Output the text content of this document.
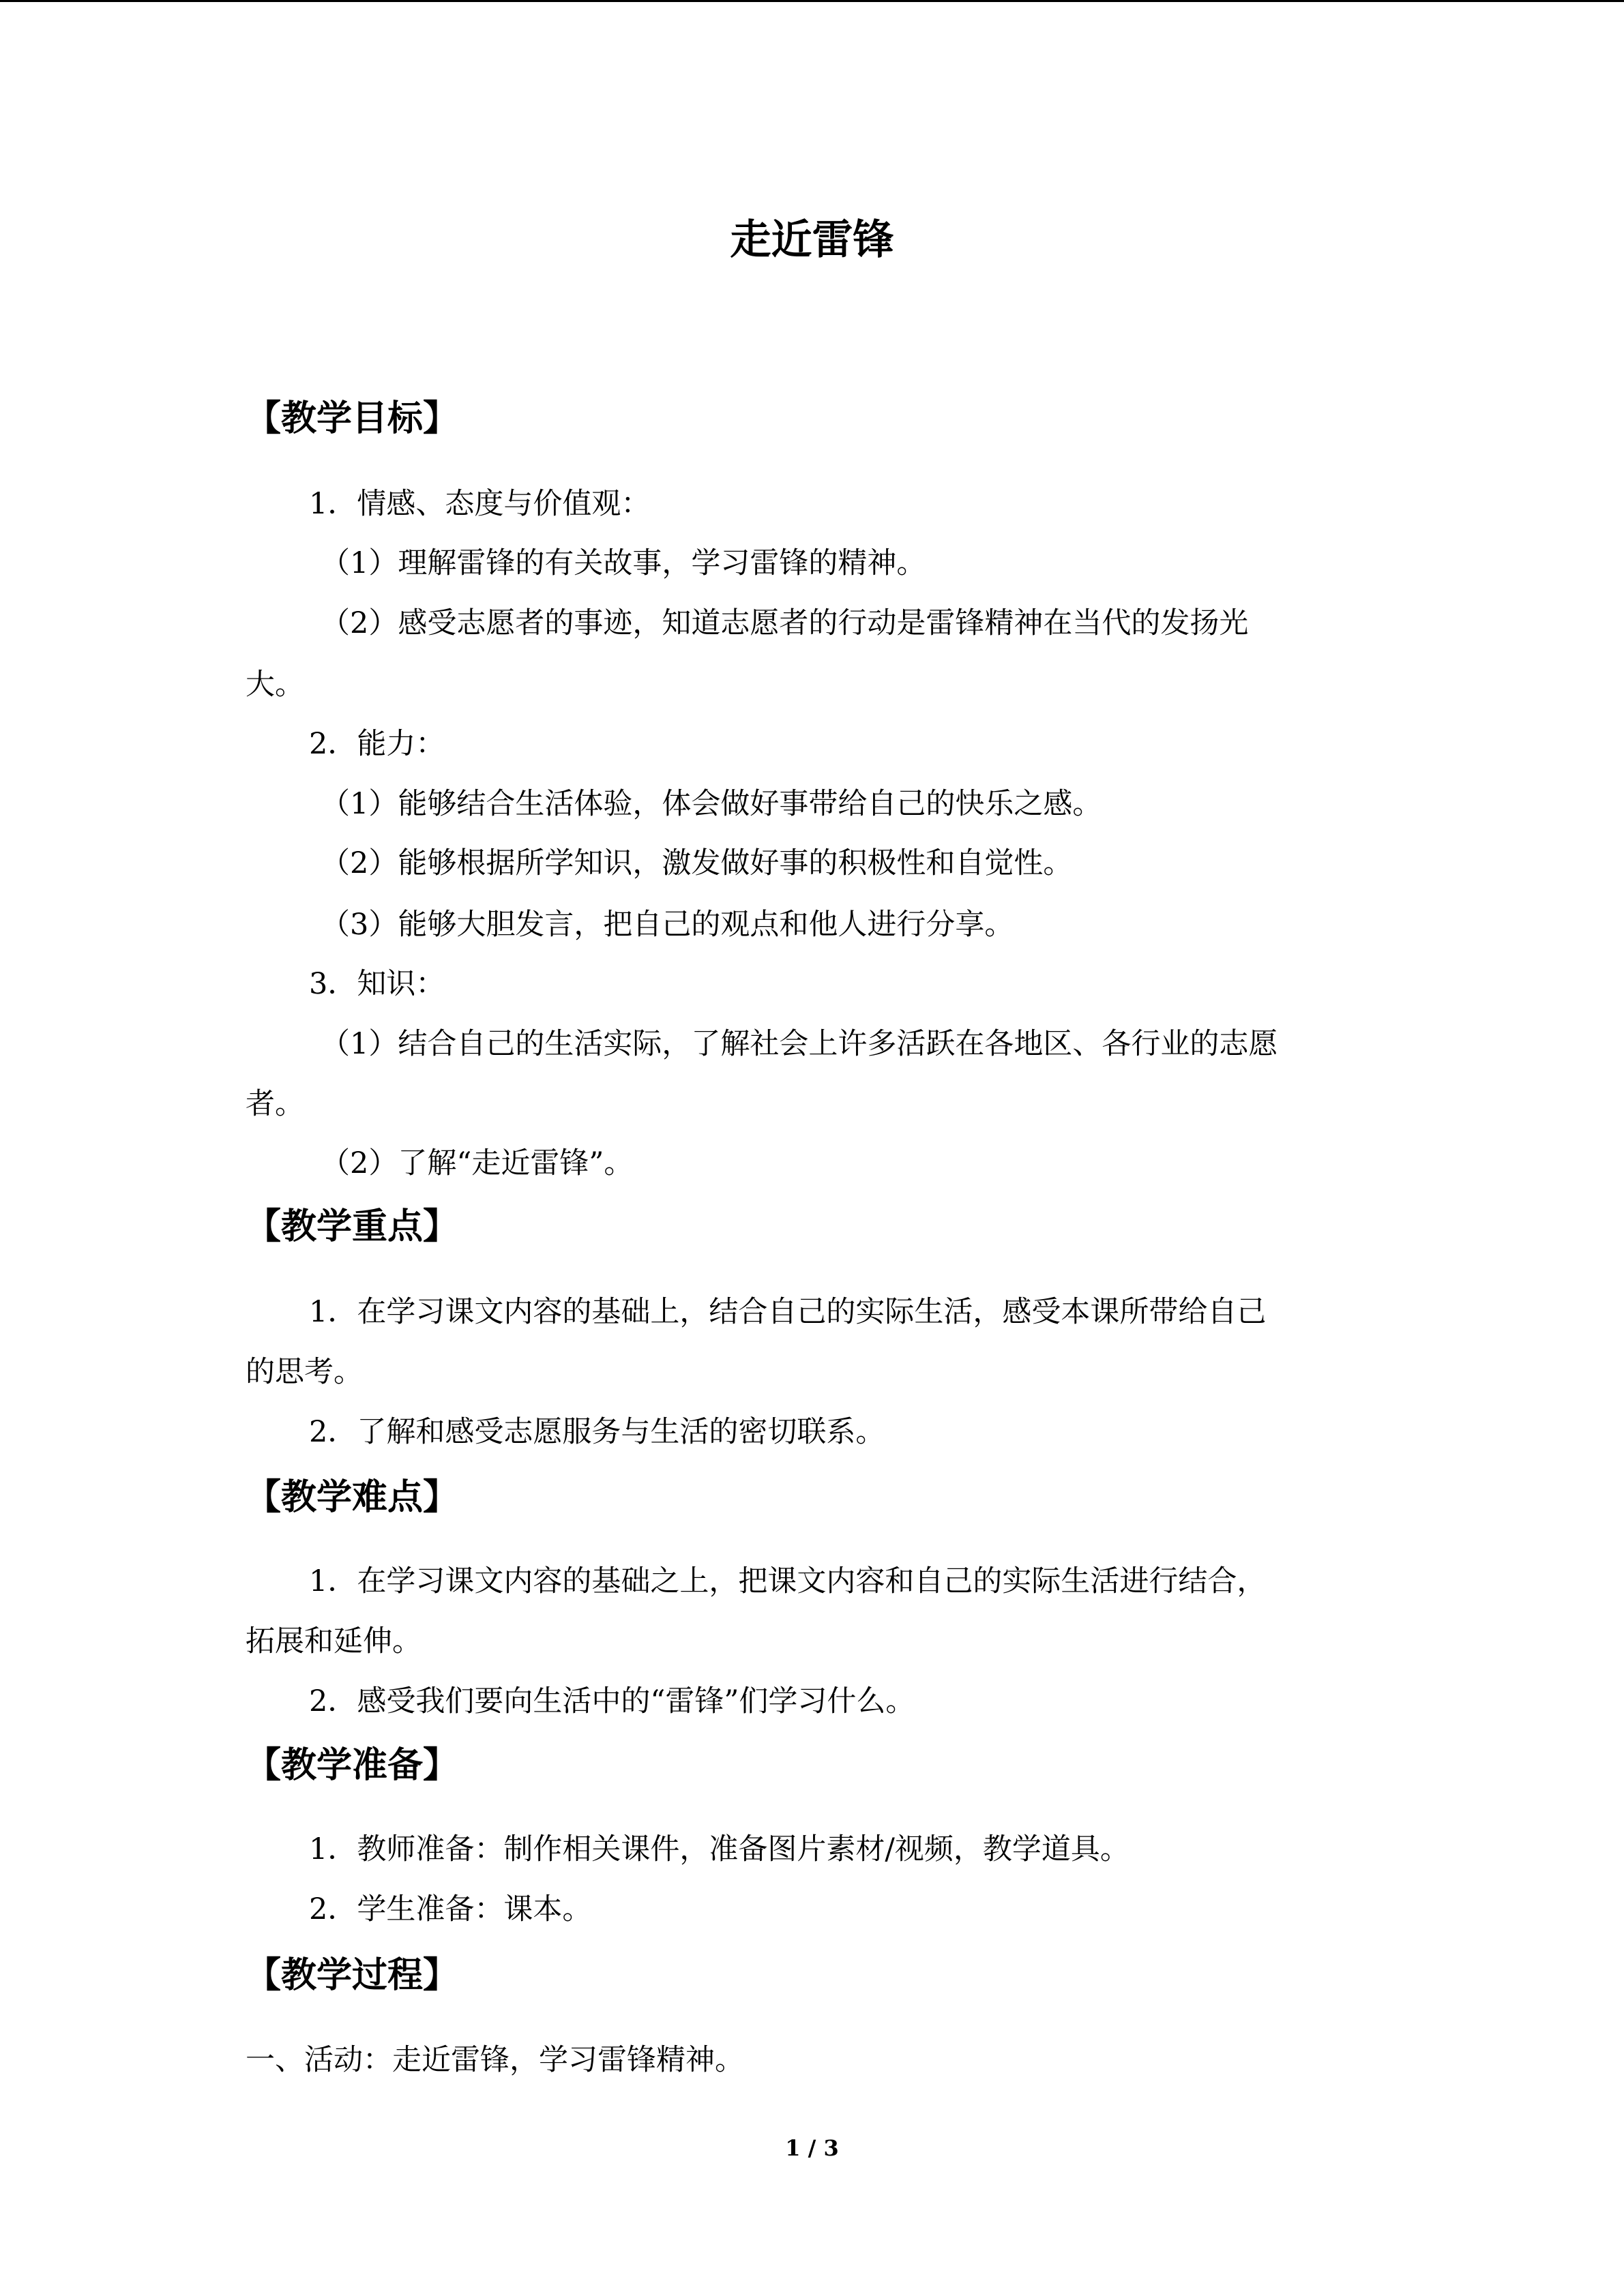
走近雷锋
【教学目标】
1．情感、态度与价值观：
（1）理解雷锋的有关故事，学习雷锋的精神。
（2）感受志愿者的事迹，知道志愿者的行动是雷锋精神在当代的发扬光
大。
2．能力：
（1）能够结合生活体验，体会做好事带给自己的快乐之感。
（2）能够根据所学知识，激发做好事的积极性和自觉性。
（3）能够大胆发言，把自己的观点和他人进行分享。
3．知识：
（1）结合自己的生活实际，了解社会上许多活跃在各地区、各行业的志愿
者。
（2）了解“走近雷锋”。
【教学重点】
1．在学习课文内容的基础上，结合自己的实际生活，感受本课所带给自己
的思考。
2．了解和感受志愿服务与生活的密切联系。
【教学难点】
1．在学习课文内容的基础之上，把课文内容和自己的实际生活进行结合，
拓展和延伸。
2．感受我们要向生活中的“雷锋”们学习什么。
【教学准备】
1．教师准备：制作相关课件，准备图片素材/视频，教学道具。
2．学生准备：课本。
【教学过程】
一、活动：走近雷锋，学习雷锋精神。
1 / 3
